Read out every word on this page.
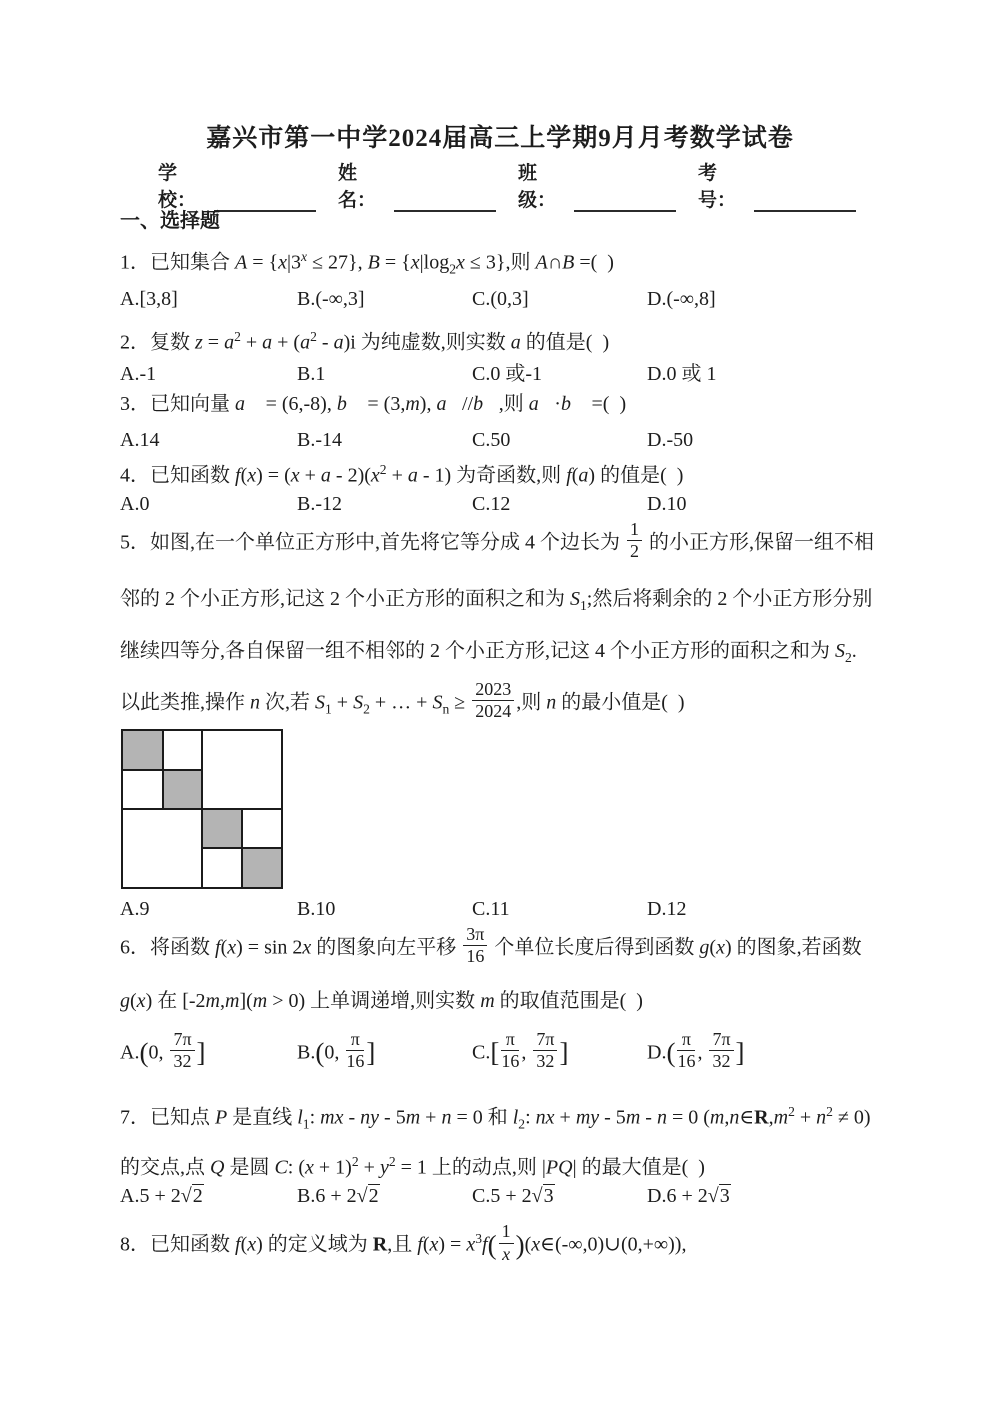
嘉兴市第一中学2024届高三上学期9月月考数学试卷
学校：
姓名：
班级：
考号：
一、选择题
1．已知集合 $A = \{x|3^x \le 27\}$, $B = \{x|\log_2x \le 3\}$,则 A∩B =(  )
A.[3,8]	B.(-∞,3]	C.(0,3]	D.(-∞,8]
2．复数 $z = a^2 + a + (a^2 - a)i$ 为纯虚数,则实数 a 的值是(  )
A.-1	B.1	C.0 或-1	D.0 或 1
3．已知向量 a⃗ = (6,-8), b⃗ = (3,m), a⃗//b⃗,则 a⃗·b⃗ =(  )
A.14	B.-14	C.50	D.-50
4．已知函数 $f(x) = (x + a - 2)(x^2 + a - 1)$ 为奇函数,则 f(a) 的值是(  )
A.0	B.-12	C.12	D.10
5．如图,在一个单位正方形中,首先将它等分成 4 个边长为 $\frac{1}{2}$ 的小正方形,保留一组不相
邻的 2 个小正方形,记这 2 个小正方形的面积之和为 $S_1$;然后将剩余的 2 个小正方形分别
继续四等分,各自保留一组不相邻的 2 个小正方形,记这 4 个小正方形的面积之和为 $S_2$.
以此类推,操作 n 次,若 $S_1 + S_2$ + … + $S_n \ge \frac{2023}{2024}$ ,则 n 的最小值是(  )
A.9	B.10	C.11	D.12
6．将函数 f(x) = sin 2x 的图象向左平移 $\frac{3\pi}{16}$ 个单位长度后得到函数 g(x) 的图象,若函数
g(x) 在 [-2m,m](m > 0) 上单调递增,则实数 m 的取值范围是(  )
A.(0, $\frac{7\pi}{32}$ ]	B.(0, $\frac{\pi}{16}$ ]	$C.[ \frac{\pi}{16}$ , $\frac{7\pi}{32}$ ]	$D.( \frac{\pi}{16}$ , $\frac{7\pi}{32}$ ]
7．已知点 P 是直线 $l_1$: mx - ny - 5m + n = 0 和 $l_2$: nx + my - 5m - n = 0 $(m,n\in R,m^2 + n^2 \ne 0)$
的交点,点 Q 是圆 C: $(x + 1)^2 + y^2 = 1$ 上的动点,则 |PQ| 的最大值是(  )
A.5 + 2√2	B.6 + 2√2	C.5 + 2√3	D.6 + 2√3
8．已知函数 f(x) 的定义域为 R,且 $f(x) = x^3f( \frac{1}{x}$ )(x∈(-∞,0)∪(0,+∞)),
